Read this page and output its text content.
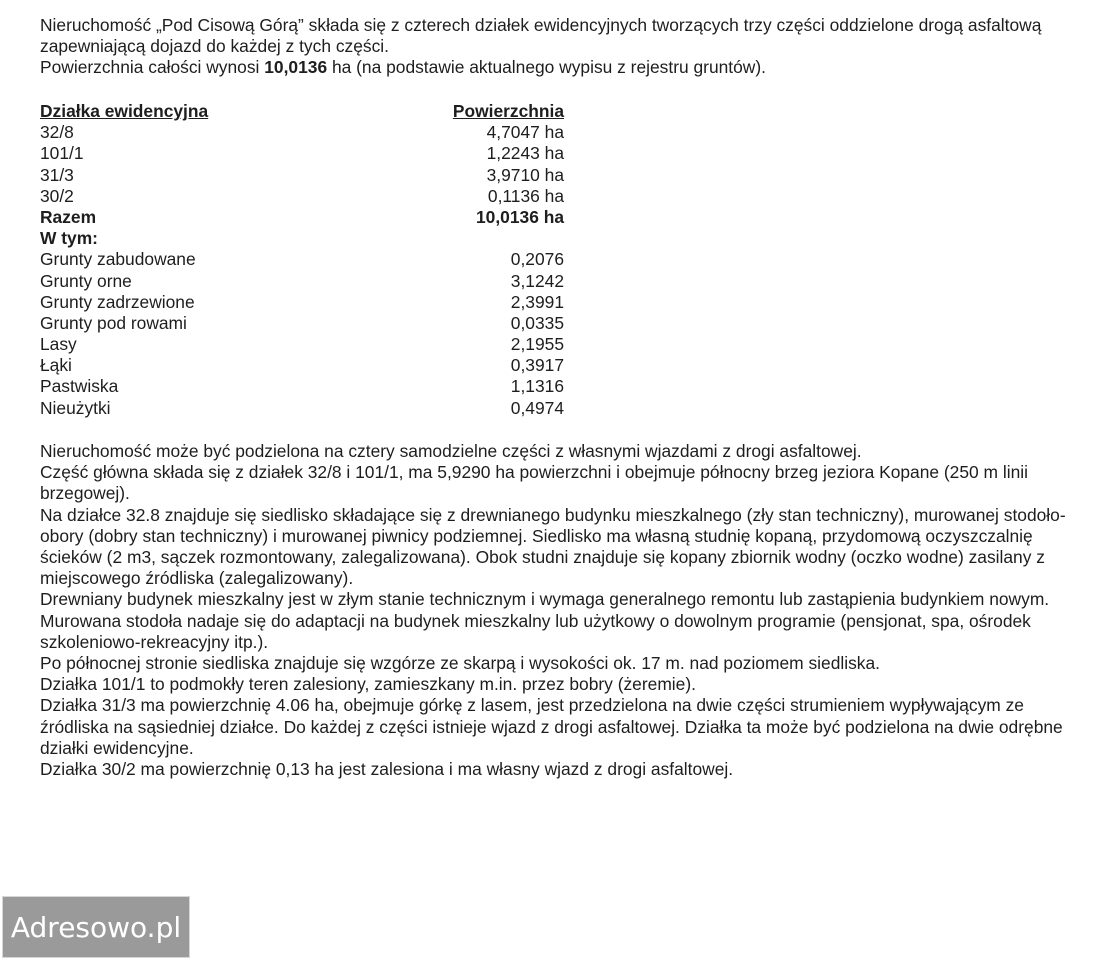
Nieruchomość „Pod Cisową Górą” składa się z czterech działek ewidencyjnych tworzących trzy części oddzielone drogą asfaltową zapewniającą dojazd do każdej z tych części.

Powierzchnia całości wynosi 10,0136 ha (na podstawie aktualnego wypisu z rejestru gruntów).

Działka ewidencyjna	Powierzchnia
32/8	4,7047 ha
101/1	1,2243 ha
31/3	3,9710 ha
30/2	0,1136 ha
Razem	10,0136 ha
W tym:
Grunty zabudowane	0,2076
Grunty orne	3,1242
Grunty zadrzewione	2,3991
Grunty pod rowami	0,0335
Lasy	2,1955
Łąki	0,3917
Pastwiska	1,1316
Nieużytki	0,4974

Nieruchomość może być podzielona na cztery samodzielne części z własnymi wjazdami z drogi asfaltowej.

Część główna składa się z działek 32/8 i 101/1, ma 5,9290 ha powierzchni i obejmuje północny brzeg jeziora Kopane (250 m linii brzegowej).

Na działce 32.8 znajduje się siedlisko składające się z drewnianego budynku mieszkalnego (zły stan techniczny), murowanej stodoło-obory (dobry stan techniczny) i murowanej piwnicy podziemnej. Siedlisko ma własną studnię kopaną, przydomową oczyszczalnię ścieków (2 m3, sączek rozmontowany, zalegalizowana). Obok studni znajduje się kopany zbiornik wodny (oczko wodne) zasilany z miejscowego źródliska (zalegalizowany).

Drewniany budynek mieszkalny jest w złym stanie technicznym i wymaga generalnego remontu lub zastąpienia budynkiem nowym.

Murowana stodoła nadaje się do adaptacji na budynek mieszkalny lub użytkowy o dowolnym programie (pensjonat, spa, ośrodek szkoleniowo-rekreacyjny itp.).

Po północnej stronie siedliska znajduje się wzgórze ze skarpą i wysokości ok. 17 m. nad poziomem siedliska.

Działka 101/1 to podmokły teren zalesiony, zamieszkany m.in. przez bobry (żeremie).

Działka 31/3 ma powierzchnię 4.06 ha, obejmuje górkę z lasem, jest przedzielona na dwie części strumieniem wypływającym ze źródliska na sąsiedniej działce. Do każdej z części istnieje wjazd z drogi asfaltowej. Działka ta może być podzielona na dwie odrębne działki ewidencyjne.

Działka 30/2 ma powierzchnię 0,13 ha jest zalesiona i ma własny wjazd z drogi asfaltowej.

Adresowo.pl
